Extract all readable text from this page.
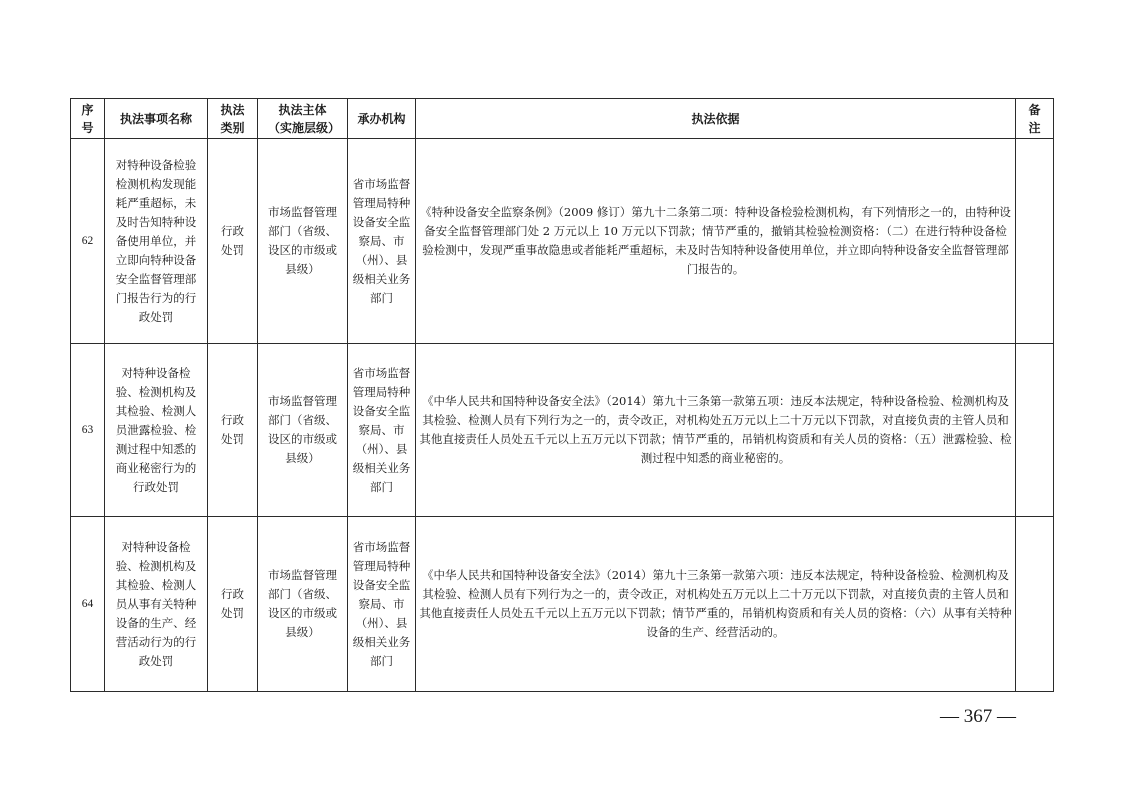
序号	执法事项名称	执法类别	执法主体（实施层级）	承办机构	执法依据	备注
62	对特种设备检验检测机构发现能耗严重超标，未及时告知特种设备使用单位，并立即向特种设备安全监督管理部门报告行为的行政处罚	行政处罚	市场监督管理部门（省级、设区的市级或县级）	省市场监督管理局特种设备安全监察局、市（州）、县级相关业务部门	《特种设备安全监察条例》（2009 修订）第九十二条第二项：特种设备检验检测机构，有下列情形之一的，由特种设备安全监督管理部门处 2 万元以上 10 万元以下罚款；情节严重的，撤销其检验检测资格：（二）在进行特种设备检验检测中，发现严重事故隐患或者能耗严重超标，未及时告知特种设备使用单位，并立即向特种设备安全监督管理部门报告的。	
63	对特种设备检验、检测机构及其检验、检测人员泄露检验、检测过程中知悉的商业秘密行为的行政处罚	行政处罚	市场监督管理部门（省级、设区的市级或县级）	省市场监督管理局特种设备安全监察局、市（州）、县级相关业务部门	《中华人民共和国特种设备安全法》（2014）第九十三条第一款第五项：违反本法规定，特种设备检验、检测机构及其检验、检测人员有下列行为之一的，责令改正，对机构处五万元以上二十万元以下罚款，对直接负责的主管人员和其他直接责任人员处五千元以上五万元以下罚款；情节严重的，吊销机构资质和有关人员的资格：（五）泄露检验、检测过程中知悉的商业秘密的。	
64	对特种设备检验、检测机构及其检验、检测人员从事有关特种设备的生产、经营活动行为的行政处罚	行政处罚	市场监督管理部门（省级、设区的市级或县级）	省市场监督管理局特种设备安全监察局、市（州）、县级相关业务部门	《中华人民共和国特种设备安全法》（2014）第九十三条第一款第六项：违反本法规定，特种设备检验、检测机构及其检验、检测人员有下列行为之一的，责令改正，对机构处五万元以上二十万元以下罚款，对直接负责的主管人员和其他直接责任人员处五千元以上五万元以下罚款；情节严重的，吊销机构资质和有关人员的资格：（六）从事有关特种设备的生产、经营活动的。	
— 367 —
